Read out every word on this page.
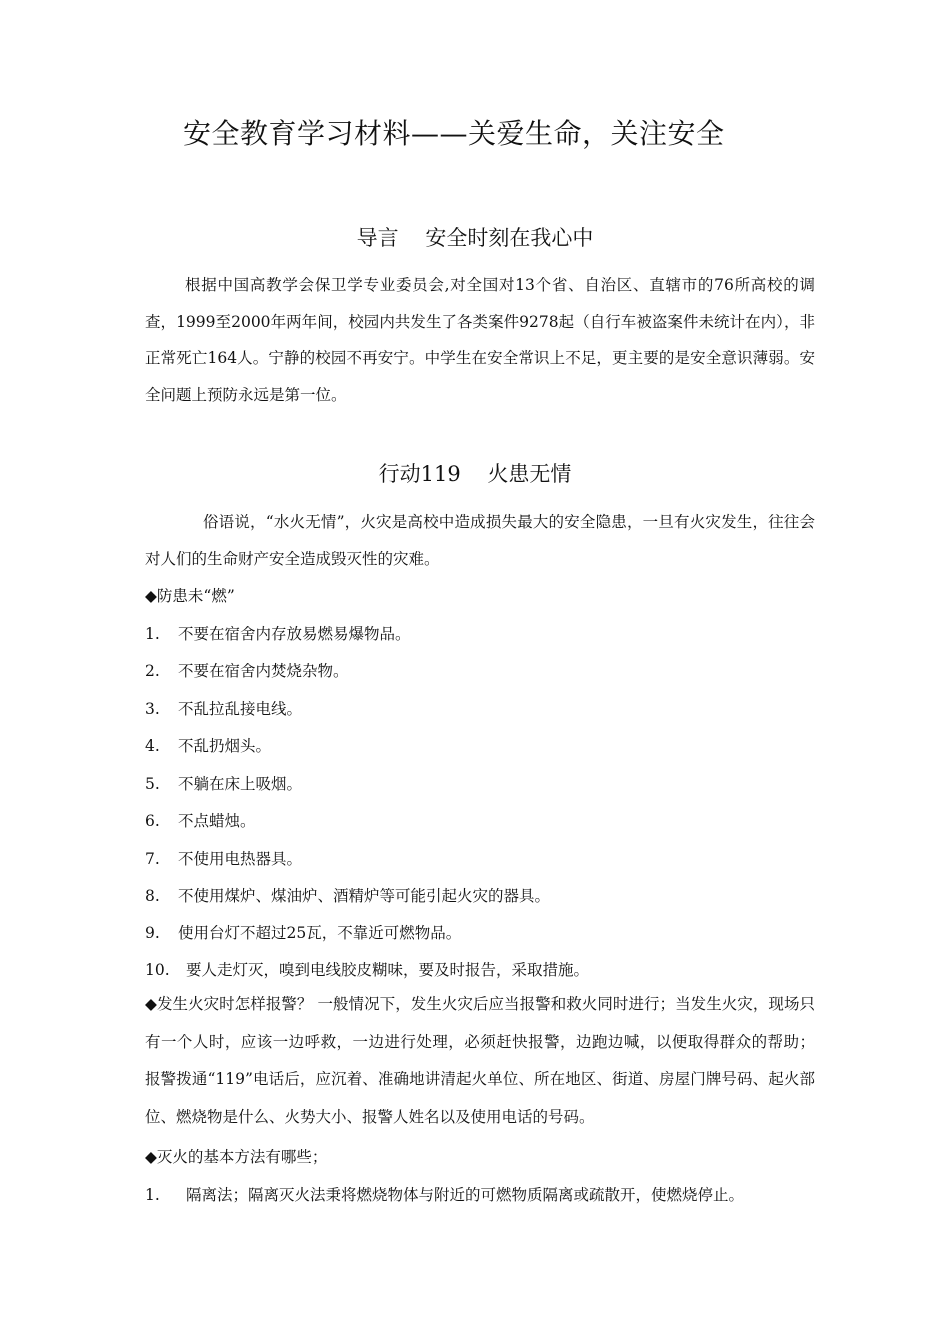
安全教育学习材料——关爱生命，关注安全
导言    安全时刻在我心中
根据中国高教学会保卫学专业委员会,对全国对13个省、自治区、直辖市的76所高校的调查，1999至2000年两年间，校园内共发生了各类案件9278起（自行车被盗案件未统计在内），非正常死亡164人。宁静的校园不再安宁。中学生在安全常识上不足，更主要的是安全意识薄弱。安全问题上预防永远是第一位。
行动119    火患无情
俗语说，“水火无情”，火灾是高校中造成损失最大的安全隐患，一旦有火灾发生，往往会对人们的生命财产安全造成毁灭性的灾难。
◆防患未“燃”
1. 不要在宿舍内存放易燃易爆物品。
2. 不要在宿舍内焚烧杂物。
3. 不乱拉乱接电线。
4. 不乱扔烟头。
5. 不躺在床上吸烟。
6. 不点蜡烛。
7. 不使用电热器具。
8. 不使用煤炉、煤油炉、酒精炉等可能引起火灾的器具。
9. 使用台灯不超过25瓦，不靠近可燃物品。
10. 要人走灯灭，嗅到电线胶皮糊味，要及时报告，采取措施。
◆发生火灾时怎样报警？ 一般情况下，发生火灾后应当报警和救火同时进行；当发生火灾，现场只有一个人时，应该一边呼救，一边进行处理，必须赶快报警，边跑边喊，以便取得群众的帮助； 报警拨通“119”电话后，应沉着、准确地讲清起火单位、所在地区、街道、房屋门牌号码、起火部位、燃烧物是什么、火势大小、报警人姓名以及使用电话的号码。
◆灭火的基本方法有哪些；
1. 隔离法；隔离灭火法秉将燃烧物体与附近的可燃物质隔离或疏散开，使燃烧停止。
